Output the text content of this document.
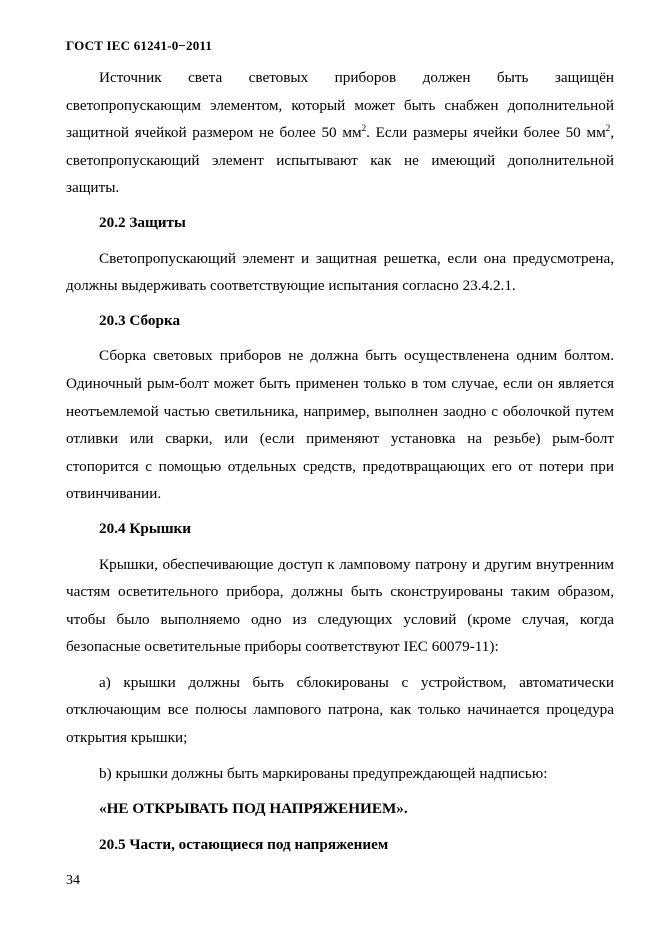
ГОСТ IEC 61241-0−2011

Источник света световых приборов должен быть защищён светопропускающим элементом, который может быть снабжен дополнительной защитной ячейкой размером не более 50 $мм^2$. Если размеры ячейки более 50 $мм^2$, светопропускающий элемент испытывают как не имеющий дополнительной защиты.

20.2 Защиты

Светопропускающий элемент и защитная решетка, если она предусмотрена, должны выдерживать соответствующие испытания согласно 23.4.2.1.

20.3 Сборка

Сборка световых приборов не должна быть осуществленена одним болтом. Одиночный рым-болт может быть применен только в том случае, если он является неотъемлемой частью светильника, например, выполнен заодно с оболочкой путем отливки или сварки, или (если применяют установка на резьбе) рым-болт стопорится с помощью отдельных средств, предотвращающих его от потери при отвинчивании.

20.4 Крышки

Крышки, обеспечивающие доступ к ламповому патрону и другим внутренним частям осветительного прибора, должны быть сконструированы таким образом, чтобы было выполняемо одно из следующих условий (кроме случая, когда безопасные осветительные приборы соответствуют IEC 60079-11):

a) крышки должны быть сблокированы с устройством, автоматически отключающим все полюсы лампового патрона, как только начинается процедура открытия крышки;

b) крышки должны быть маркированы предупреждающей надписью:

«НЕ ОТКРЫВАТЬ ПОД НАПРЯЖЕНИЕМ».

20.5 Части, остающиеся под напряжением
34
